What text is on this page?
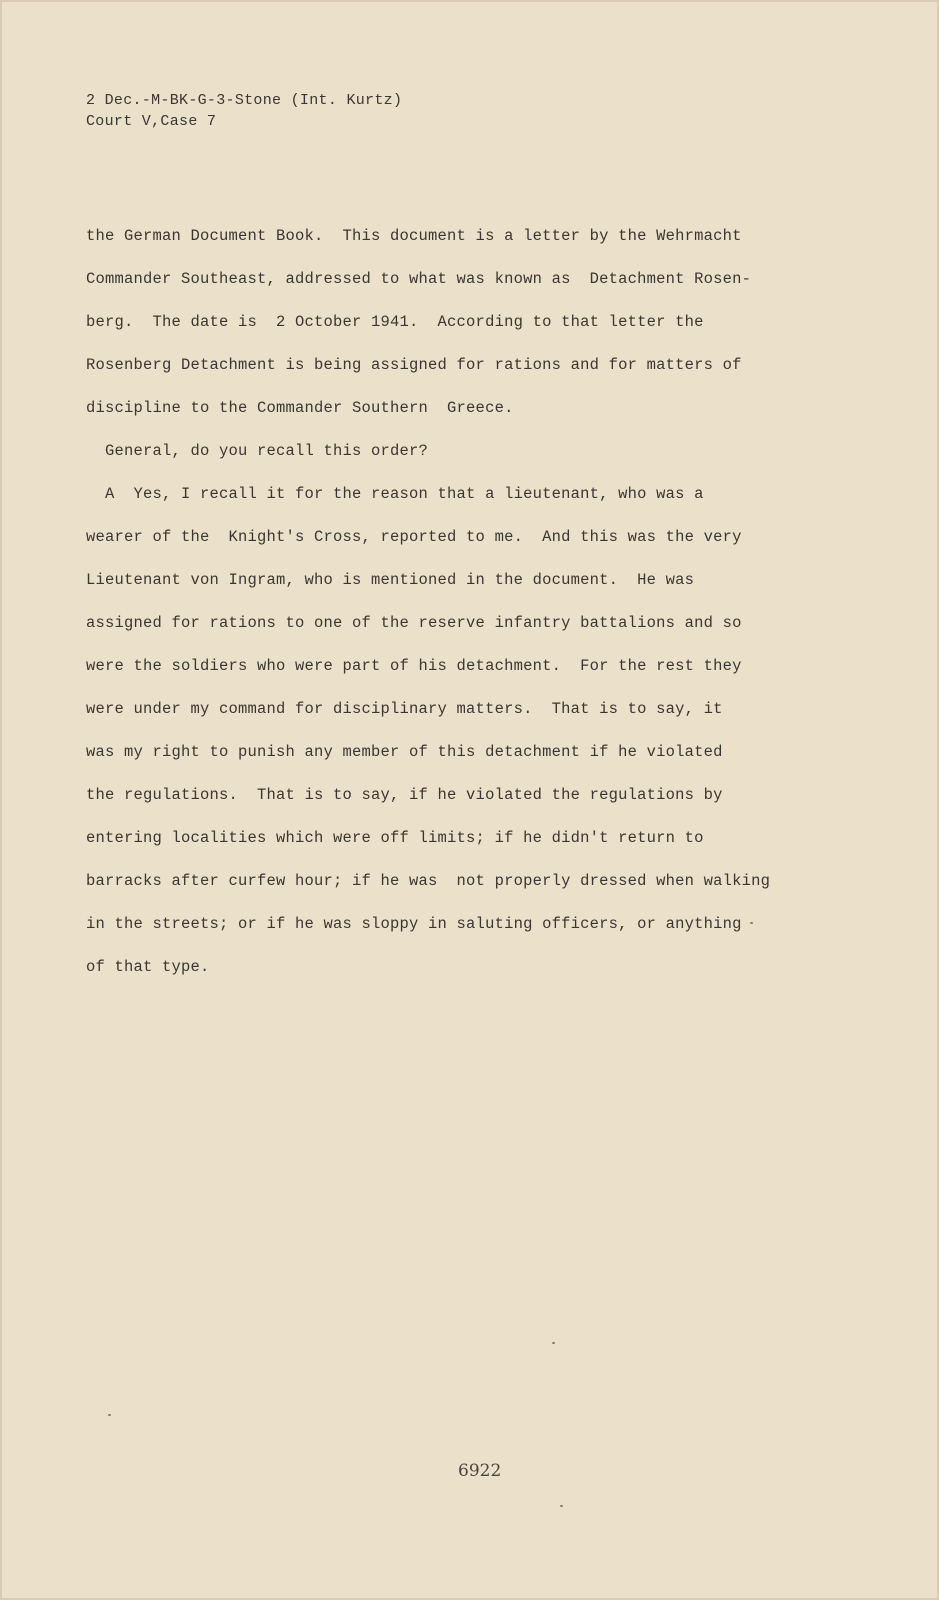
2 Dec.-M-BK-G-3-Stone (Int. Kurtz)
Court V,Case 7
the German Document Book.  This document is a letter by the Wehrmacht
Commander Southeast, addressed to what was known as  Detachment Rosen-
berg.  The date is  2 October 1941.  According to that letter the
Rosenberg Detachment is being assigned for rations and for matters of
discipline to the Commander Southern  Greece.
General, do you recall this order?
A  Yes, I recall it for the reason that a lieutenant, who was a
wearer of the  Knight's Cross, reported to me.  And this was the very
Lieutenant von Ingram, who is mentioned in the document.  He was
assigned for rations to one of the reserve infantry battalions and so
were the soldiers who were part of his detachment.  For the rest they
were under my command for disciplinary matters.  That is to say, it
was my right to punish any member of this detachment if he violated
the regulations.  That is to say, if he violated the regulations by
entering localities which were off limits; if he didn't return to
barracks after curfew hour; if he was  not properly dressed when walking
in the streets; or if he was sloppy in saluting officers, or anything
of that type.
6922
